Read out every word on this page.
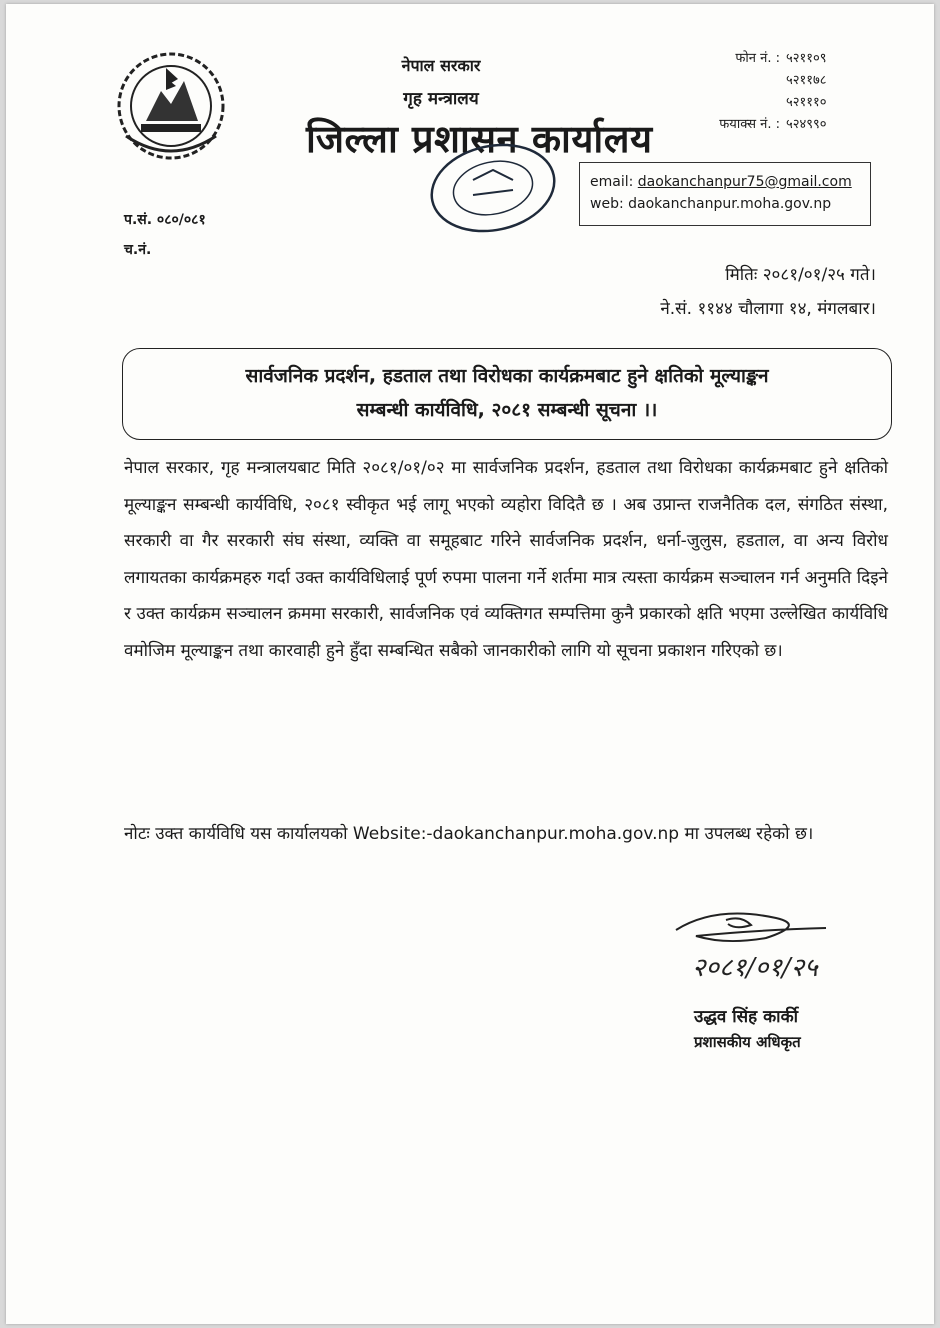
नेपाल सरकार
गृह मन्त्रालय
जिल्ला प्रशासन कार्यालय
फोन नं. : ५२११०९
५२११७८
५२१११०
फयाक्स नं. : ५२४९९०
email: daokanchanpur75@gmail.com
web: daokanchanpur.moha.gov.np
प.सं. ०८०/०८१
च.नं.
मितिः २०८१/०१/२५ गते।
ने.सं. ११४४ चौलागा १४, मंगलबार।
सार्वजनिक प्रदर्शन, हडताल तथा विरोधका कार्यक्रमबाट हुने क्षतिको मूल्याङ्कन
सम्बन्धी कार्यविधि, २०८१ सम्बन्धी सूचना ।।
नेपाल सरकार, गृह मन्त्रालयबाट मिति २०८१/०१/०२ मा सार्वजनिक प्रदर्शन, हडताल तथा विरोधका कार्यक्रमबाट हुने क्षतिको मूल्याङ्कन सम्बन्धी कार्यविधि, २०८१ स्वीकृत भई लागू भएको व्यहोरा विदितै छ । अब उप्रान्त राजनैतिक दल, संगठित संस्था, सरकारी वा गैर सरकारी संघ संस्था, व्यक्ति वा समूहबाट गरिने सार्वजनिक प्रदर्शन, धर्ना-जुलुस, हडताल, वा अन्य विरोध लगायतका कार्यक्रमहरु गर्दा उक्त कार्यविधिलाई पूर्ण रुपमा पालना गर्ने शर्तमा मात्र त्यस्ता कार्यक्रम सञ्चालन गर्न अनुमति दिइने र उक्त कार्यक्रम सञ्चालन क्रममा सरकारी, सार्वजनिक एवं व्यक्तिगत सम्पत्तिमा कुनै प्रकारको क्षति भएमा उल्लेखित कार्यविधि वमोजिम मूल्याङ्कन तथा कारवाही हुने हुँदा सम्बन्धित सबैको जानकारीको लागि यो सूचना प्रकाशन गरिएको छ।
नोटः उक्त कार्यविधि यस कार्यालयको Website:-daokanchanpur.moha.gov.np मा उपलब्ध रहेको छ।
२०८१/०१/२५
उद्धव सिंह कार्की
प्रशासकीय अधिकृत
